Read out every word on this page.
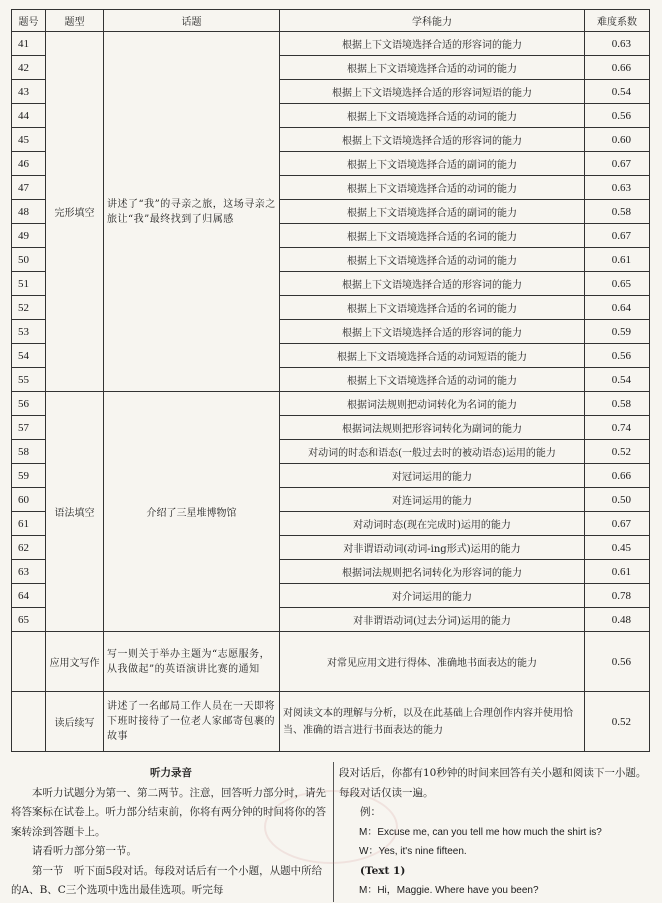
题号	题型	话题	学科能力	难度系数
41	完形填空	讲述了“我”的寻亲之旅，这场寻亲之旅让“我”最终找到了归属感	根据上下文语境选择合适的形容词的能力	0.63
42			根据上下文语境选择合适的动词的能力	0.66
43			根据上下文语境选择合适的形容词短语的能力	0.54
44			根据上下文语境选择合适的动词的能力	0.56
45			根据上下文语境选择合适的形容词的能力	0.60
46			根据上下文语境选择合适的副词的能力	0.67
47			根据上下文语境选择合适的动词的能力	0.63
48			根据上下文语境选择合适的副词的能力	0.58
49			根据上下文语境选择合适的名词的能力	0.67
50			根据上下文语境选择合适的动词的能力	0.61
51			根据上下文语境选择合适的形容词的能力	0.65
52			根据上下文语境选择合适的名词的能力	0.64
53			根据上下文语境选择合适的形容词的能力	0.59
54			根据上下文语境选择合适的动词短语的能力	0.56
55			根据上下文语境选择合适的动词的能力	0.54
56	语法填空	介绍了三星堆博物馆	根据词法规则把动词转化为名词的能力	0.58
57			根据词法规则把形容词转化为副词的能力	0.74
58			对动词的时态和语态(一般过去时的被动语态)运用的能力	0.52
59			对冠词运用的能力	0.66
60			对连词运用的能力	0.50
61			对动词时态(现在完成时)运用的能力	0.67
62			对非谓语动词(动词-ing形式)运用的能力	0.45
63			根据词法规则把名词转化为形容词的能力	0.61
64			对介词运用的能力	0.78
65			对非谓语动词(过去分词)运用的能力	0.48
	应用文写作	写一则关于举办主题为“志愿服务，从我做起”的英语演讲比赛的通知	对常见应用文进行得体、准确地书面表达的能力	0.56
	读后续写	讲述了一名邮局工作人员在一天即将下班时接待了一位老人家邮寄包裹的故事	对阅读文本的理解与分析，以及在此基础上合理创作内容并使用恰当、准确的语言进行书面表达的能力	0.52
听力录音

本听力试题分为第一、第二两节。注意，回答听力部分时，请先将答案标在试卷上。听力部分结束前，你将有两分钟的时间将你的答案转涂到答题卡上。

请看听力部分第一节。

第一节　听下面5段对话。每段对话后有一个小题，从题中所给的A、B、C三个选项中选出最佳选项。听完每

段对话后，你都有10秒钟的时间来回答有关小题和阅读下一小题。每段对话仅读一遍。

例：

M：Excuse me, can you tell me how much the shirt is?

W：Yes, it's nine fifteen.

(Text 1)

M：Hi，Maggie. Where have you been?
